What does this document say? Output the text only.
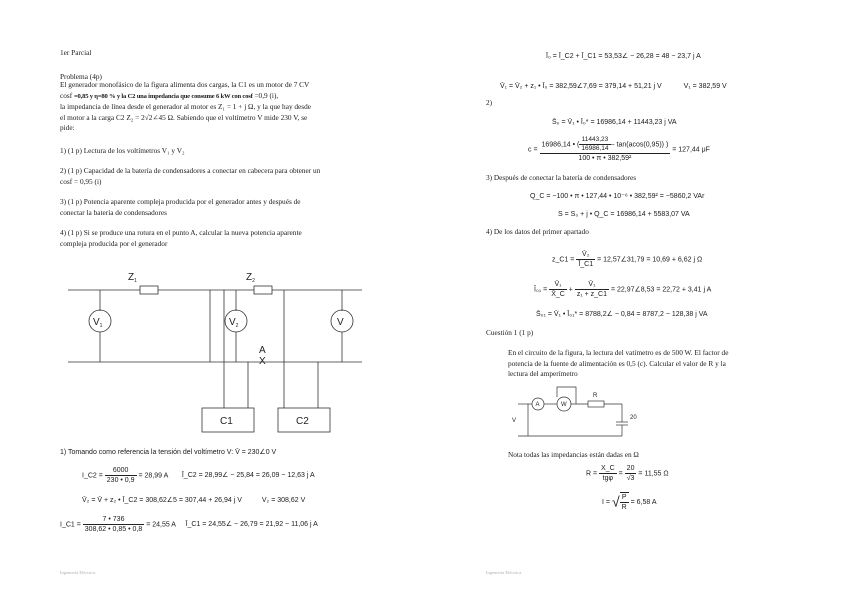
1er Parcial
Problema (4p)
El generador monofásico de la figura alimenta dos cargas, la C1 es un motor de 7 CV
cosf =0,85 y η=80 % y la C2 una impedancia que consume 6 kW con cosf =0,9 (i),
la impedancia de línea desde el generador al motor es Z₁ = 1 + j Ω, y la que hay desde
el motor a la carga C2 Z₂ = 2√2∠45 Ω. Sabiendo que el voltímetro V mide 230 V, se
pide:
1) (1 p) Lectura de los voltímetros V₁ y V₂
2) (1 p) Capacidad de la batería de condensadores a conectar en cabecera para obtener un
cosf = 0,95 (i)
3) (1 p) Potencia aparente compleja producida por el generador antes y después de
conectar la batería de condensadores
4) (1 p) Si se produce una rotura en el punto A, calcular la nueva potencia aparente
compleja producida por el generador
$Z_1$	$Z_2$
$V_1$	$V_2$	V
A
X
C1	C2
1) Tomando como referencia la tensión del voltímetro V: V̄ = 230∠0 V
I_C2 = $\frac{6000}{230 • 0,9} = 28,99$ A Ī_C2 = 28,99∠ − 25,84 = 26,09 − 12,63 j A
V̄₂ = V̄ + z₂ • Ī_C2 = 308,62∠5 = 307,44 + 26,94 j V	V₂ = 308,62 V
I_C1 = $\frac{7 • 736}{308,62 • 0,85 • 0,8} = 24,55$ A Ī_C1 = 24,55∠ − 26,79 = 21,92 − 11,06 j A
Ingeniería Eléctrica
Ī₀ = Ī_C2 + Ī_C1 = 53,53∠ − 26,28 = 48 − 23,7 j A
V̄₁ = V̄₂ + z₁ • Ī₀ = 382,59∠7,69 = 379,14 + 51,21 j V	V₁ = 382,59 V
2)
S̄₀ = V̄₁ • Ī₀* = 16986,14 + 11443,23 j VA
$c = \frac{16986,14 • ( \frac{11443,23}{16986,14} - \tan(acos(0,95)) )}{\text{100 • π • 382,59²}} = 127,44$ μF
3) Después de conectar la batería de condensadores
Q_C = −100 • π • 127,44 • 10⁻⁶ • 382,59² = −5860,2 VAr
S = S₀ + j • Q_C = 16986,14 + 5583,07 VA
4) De los datos del primer apartado
z_C1 = $\frac{\text{V̄₂}}{Ī\_C1}$ = 12,57∠31,79 = 10,69 + 6,62 j Ω
Ī₀₁ = $\frac{\text{V̄₁}}{X̄\_C} + \frac{\text{V̄₁}}{\text{z₁ + z\_C1}}$ = 22,97∠8,53 = 22,72 + 3,41 j A
S̄₀₁ = V̄₁ • Ī₀₁* = 8788,2∠ − 0,84 = 8787,2 − 128,38 j VA
Cuestión 1 (1 p)
En el circuito de la figura, la lectura del vatímetro es de 500 W. El factor de
potencia de la fuente de alimentación es 0,5 (c). Calcular el valor de R y la
lectura del amperímetro
A	W
R
V	20
Nota todas las impedancias están dadas en Ω
$R = \frac{X\_C}{\text{tgφ}} = \frac{20}{√3} = 11,55$ Ω
I = √ $\frac{P}{R} = 6,58$ A
Ingeniería Eléctrica
